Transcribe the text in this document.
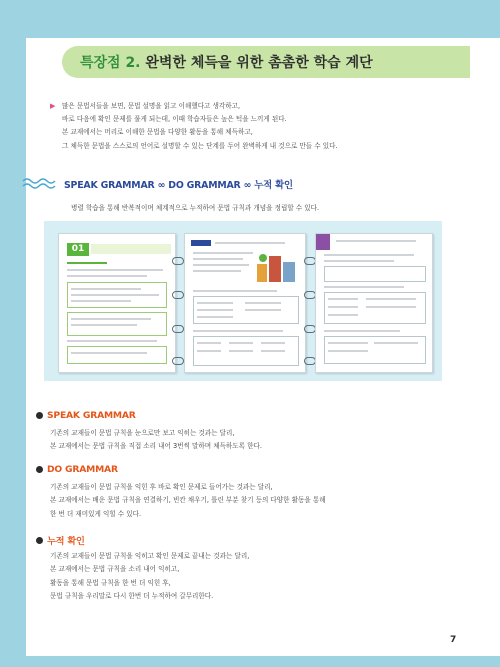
특장점 2. 완벽한 체득을 위한 촘촘한 학습 계단
▶ 많은 문법서들을 보면, 문법 설명을 읽고 이해했다고 생각하고,

바로 다음에 확인 문제를 풀게 되는데, 이때 학습자들은 높은 턱을 느끼게 된다.

본 교재에서는 머리로 이해한 문법을 다양한 활동을 통해 체득하고,

그 체득한 문법을 스스로의 언어로 설명할 수 있는 단계를 두어 완벽하게 내 것으로 만들 수 있다.

SPEAK GRAMMAR ∞ DO GRAMMAR ∞ 누적 확인
병렬 학습을 통해 반복적이며 체계적으로 누적하여 문법 규칙과 개념을 정립할 수 있다.
01
SPEAK GRAMMAR

기존의 교재들이 문법 규칙을 눈으로만 보고 익히는 것과는 달리,

본 교재에서는 문법 규칙을 직접 소리 내어 3번씩 말하며 체득하도록 한다.

DO GRAMMAR

기존의 교재들이 문법 규칙을 익힌 후 바로 확인 문제로 들어가는 것과는 달리,

본 교재에서는 배운 문법 규칙을 연결하기, 빈칸 채우기, 틀린 부분 찾기 등의 다양한 활동을 통해

한 번 더 재미있게 익힐 수 있다.

누적 확인

기존의 교재들이 문법 규칙을 익히고 확인 문제로 끝내는 것과는 달리,

본 교재에서는 문법 규칙을 소리 내어 익히고,

활동을 통해 문법 규칙을 한 번 더 익힌 후,

문법 규칙을 우리말로 다시 한번 더 누적하여 갈무리한다.

7
